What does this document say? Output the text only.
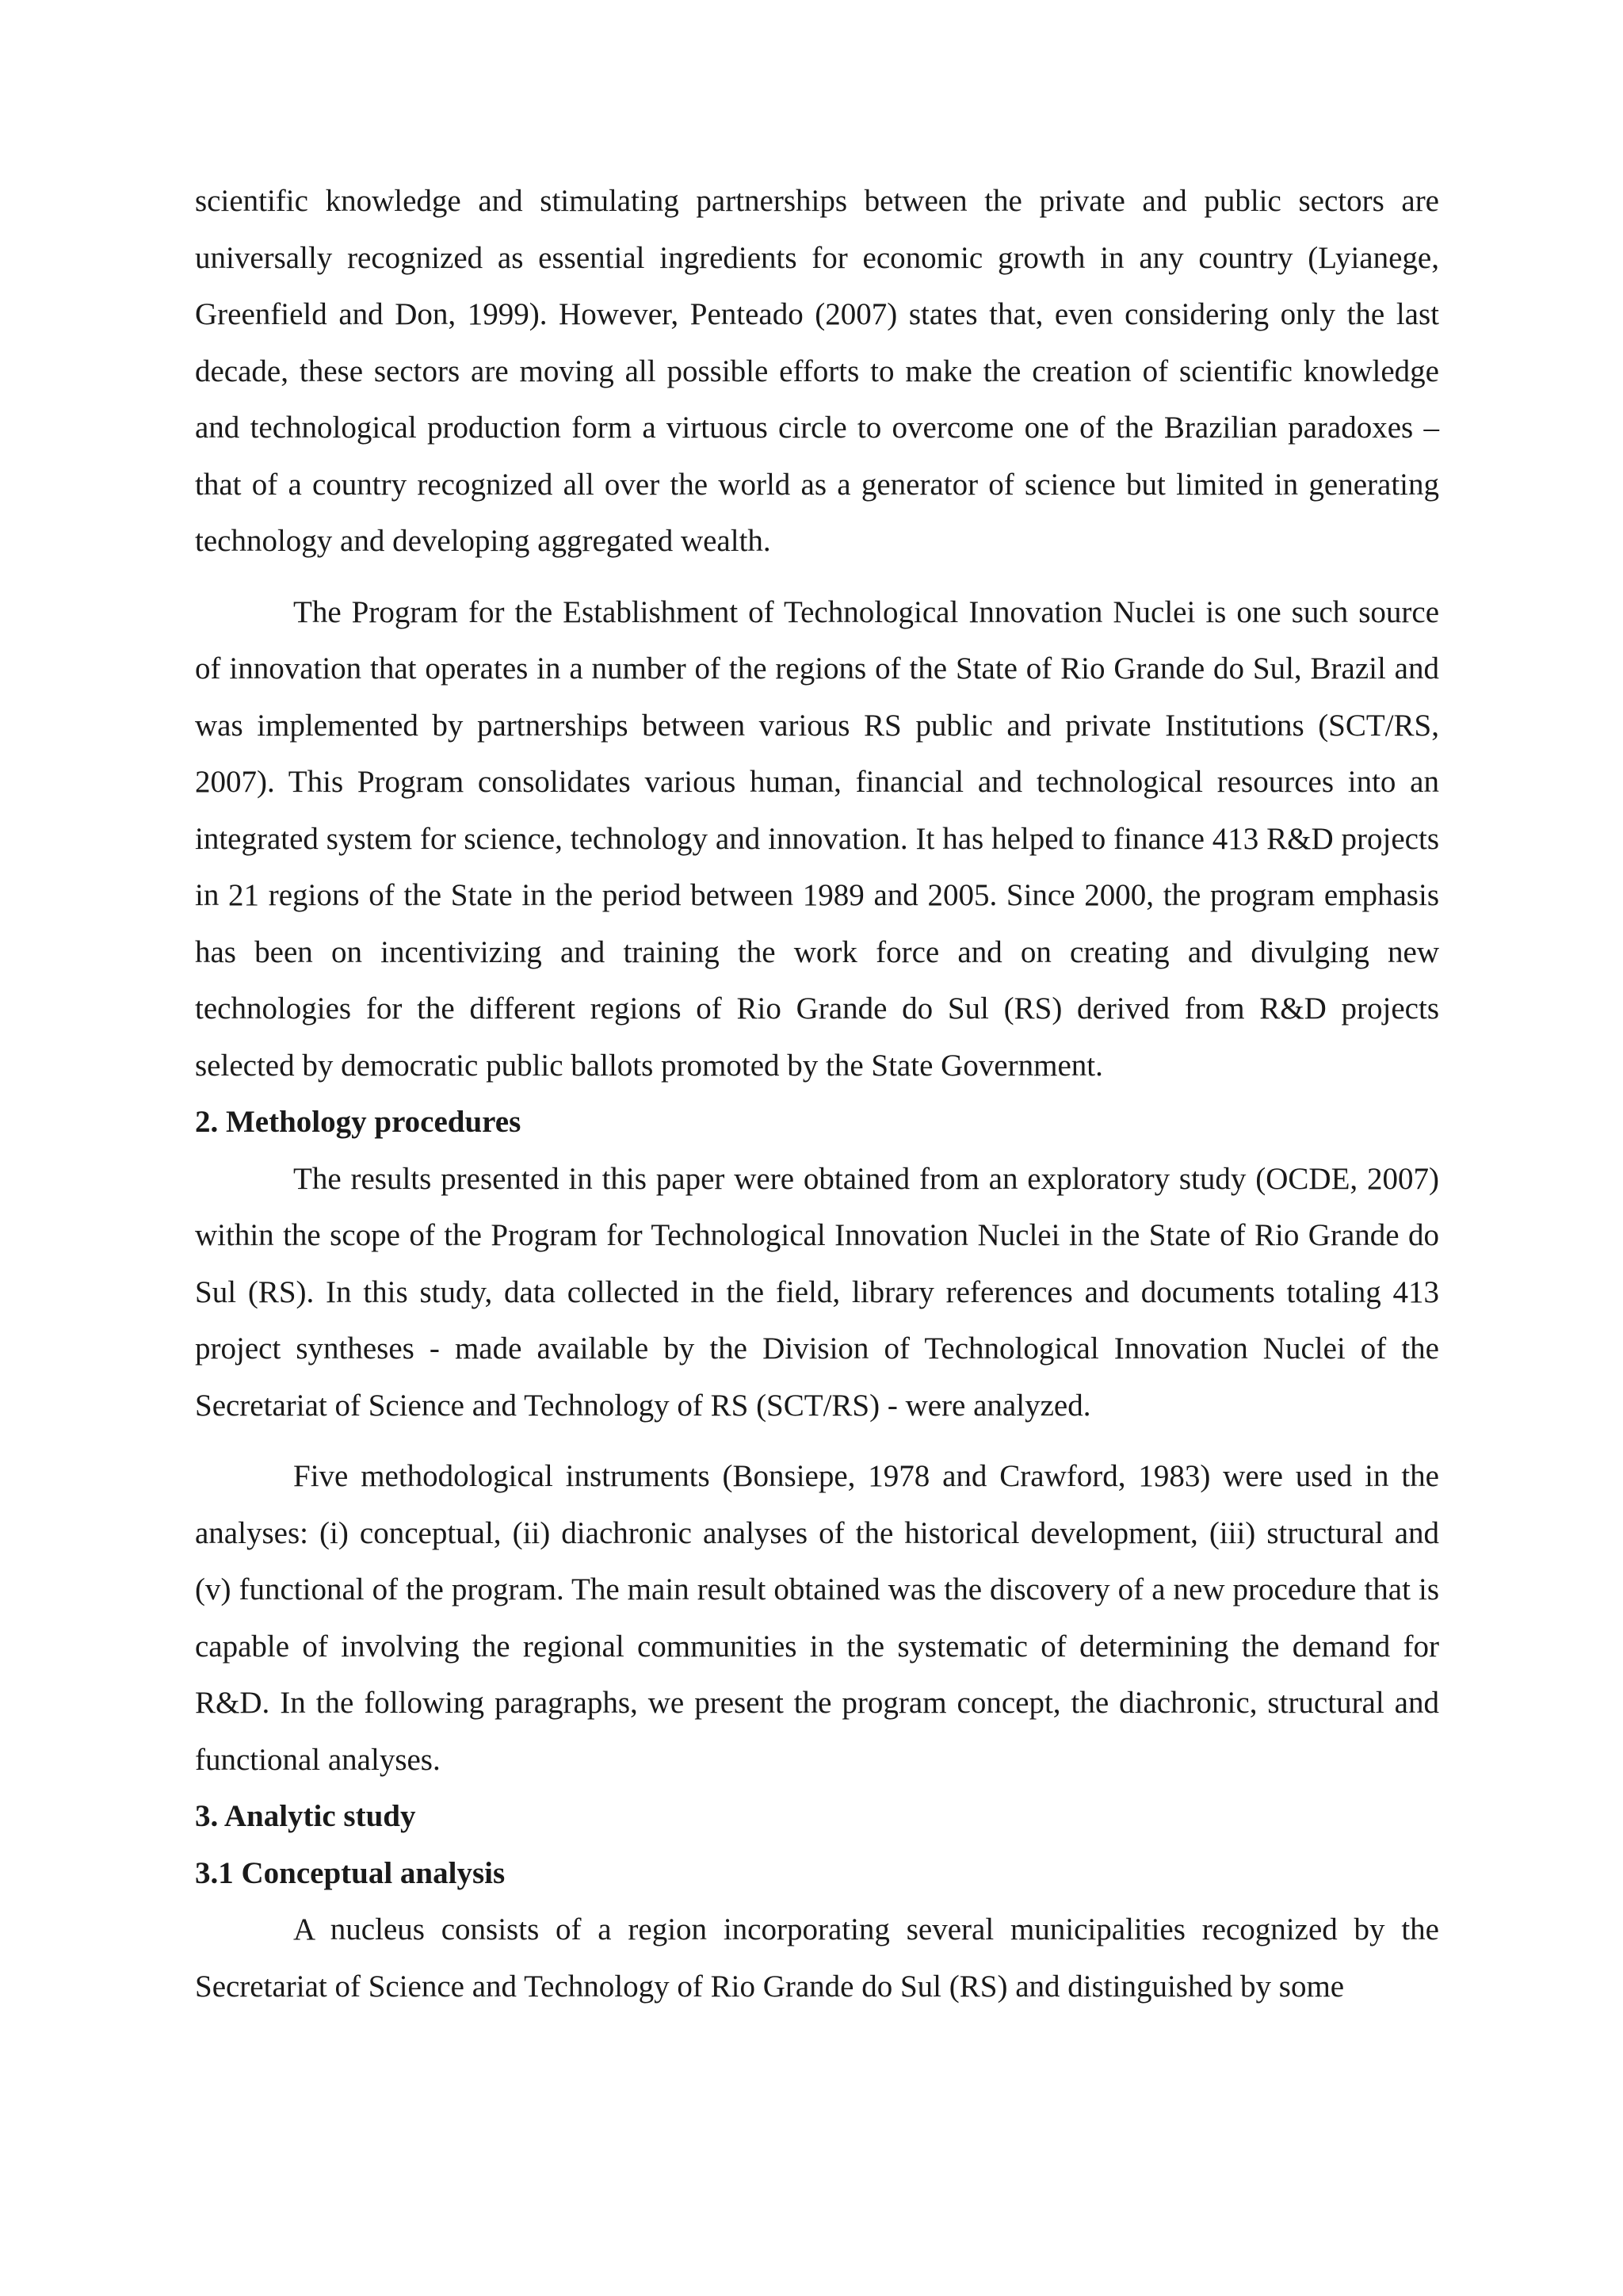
scientific knowledge and stimulating partnerships between the private and public sectors are universally recognized as essential ingredients for economic growth in any country (Lyianege, Greenfield and Don, 1999). However, Penteado (2007) states that, even considering only the last decade, these sectors are moving all possible efforts to make the creation of scientific knowledge and technological production form a virtuous circle to overcome one of the Brazilian paradoxes – that of a country recognized all over the world as a generator of science but limited in generating technology and developing aggregated wealth.

The Program for the Establishment of Technological Innovation Nuclei is one such source of innovation that operates in a number of the regions of the State of Rio Grande do Sul, Brazil and was implemented by partnerships between various RS public and private Institutions (SCT/RS, 2007). This Program consolidates various human, financial and technological resources into an integrated system for science, technology and innovation. It has helped to finance 413 R&D projects in 21 regions of the State in the period between 1989 and 2005. Since 2000, the program emphasis has been on incentivizing and training the work force and on creating and divulging new technologies for the different regions of Rio Grande do Sul (RS) derived from R&D projects selected by democratic public ballots promoted by the State Government.

2. Methology procedures

The results presented in this paper were obtained from an exploratory study (OCDE, 2007) within the scope of the Program for Technological Innovation Nuclei in the State of Rio Grande do Sul (RS). In this study, data collected in the field, library references and documents totaling 413 project syntheses - made available by the Division of Technological Innovation Nuclei of the Secretariat of Science and Technology of RS (SCT/RS) - were analyzed.

Five methodological instruments (Bonsiepe, 1978 and Crawford, 1983) were used in the analyses: (i) conceptual, (ii) diachronic analyses of the historical development, (iii) structural and (v) functional of the program. The main result obtained was the discovery of a new procedure that is capable of involving the regional communities in the systematic of determining the demand for R&D. In the following paragraphs, we present the program concept, the diachronic, structural and functional analyses.

3. Analytic study

3.1 Conceptual analysis

A nucleus consists of a region incorporating several municipalities recognized by the Secretariat of Science and Technology of Rio Grande do Sul (RS) and distinguished by some
